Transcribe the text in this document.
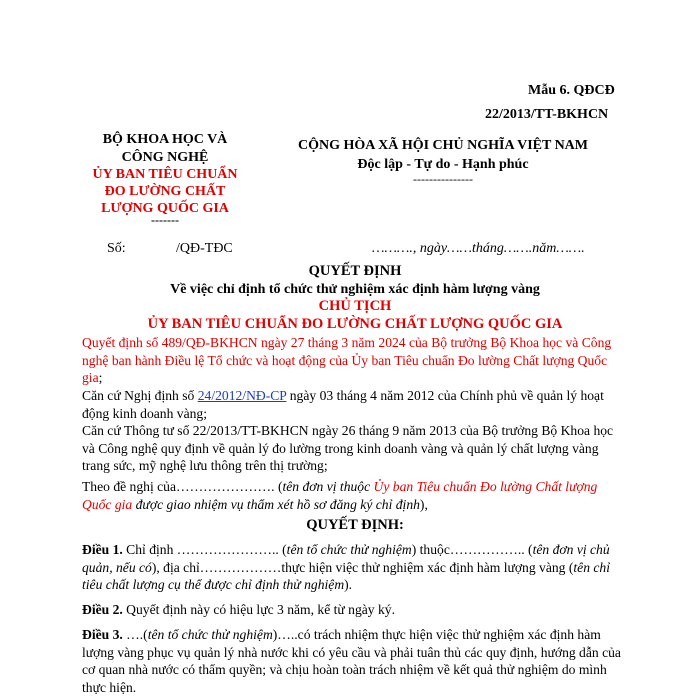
Mẫu 6. QĐCĐ
22/2013/TT-BKHCN
BỘ KHOA HỌC VÀ
CÔNG NGHỆ
ỦY BAN TIÊU CHUẨN
ĐO LƯỜNG CHẤT
LƯỢNG QUỐC GIA
-------
CỘNG HÒA XÃ HỘI CHỦ NGHĨA VIỆT NAM
Độc lập - Tự do - Hạnh phúc
---------------
Số:	/QĐ-TĐC	………., ngày……tháng…….năm…….
QUYẾT ĐỊNH
Về việc chỉ định tổ chức thử nghiệm xác định hàm lượng vàng
CHỦ TỊCH
ỦY BAN TIÊU CHUẨN ĐO LƯỜNG CHẤT LƯỢNG QUỐC GIA
Quyết định số 489/QĐ-BKHCN ngày 27 tháng 3 năm 2024 của Bộ trưởng Bộ Khoa học và Công nghệ ban hành Điều lệ Tổ chức và hoạt động của Ủy ban Tiêu chuẩn Đo lường Chất lượng Quốc gia;
Căn cứ Nghị định số 24/2012/NĐ-CP ngày 03 tháng 4 năm 2012 của Chính phủ về quản lý hoạt động kinh doanh vàng;
Căn cứ Thông tư số 22/2013/TT-BKHCN ngày 26 tháng 9 năm 2013 của Bộ trưởng Bộ Khoa học và Công nghệ quy định về quản lý đo lường trong kinh doanh vàng và quản lý chất lượng vàng trang sức, mỹ nghệ lưu thông trên thị trường;
Theo đề nghị của…………………. (tên đơn vị thuộc Ủy ban Tiêu chuẩn Đo lường Chất lượng Quốc gia được giao nhiệm vụ thẩm xét hồ sơ đăng ký chỉ định),
QUYẾT ĐỊNH:
Điều 1. Chỉ định ………………….. (tên tổ chức thử nghiệm) thuộc…………….. (tên đơn vị chủ quản, nếu có), địa chỉ………………thực hiện việc thử nghiệm xác định hàm lượng vàng (tên chỉ tiêu chất lượng cụ thể được chỉ định thử nghiệm).
Điều 2. Quyết định này có hiệu lực 3 năm, kể từ ngày ký.
Điều 3. ….(tên tổ chức thử nghiệm)…..có trách nhiệm thực hiện việc thử nghiệm xác định hàm lượng vàng phục vụ quản lý nhà nước khi có yêu cầu và phải tuân thủ các quy định, hướng dẫn của cơ quan nhà nước có thẩm quyền; và chịu hoàn toàn trách nhiệm về kết quả thử nghiệm do mình thực hiện.
